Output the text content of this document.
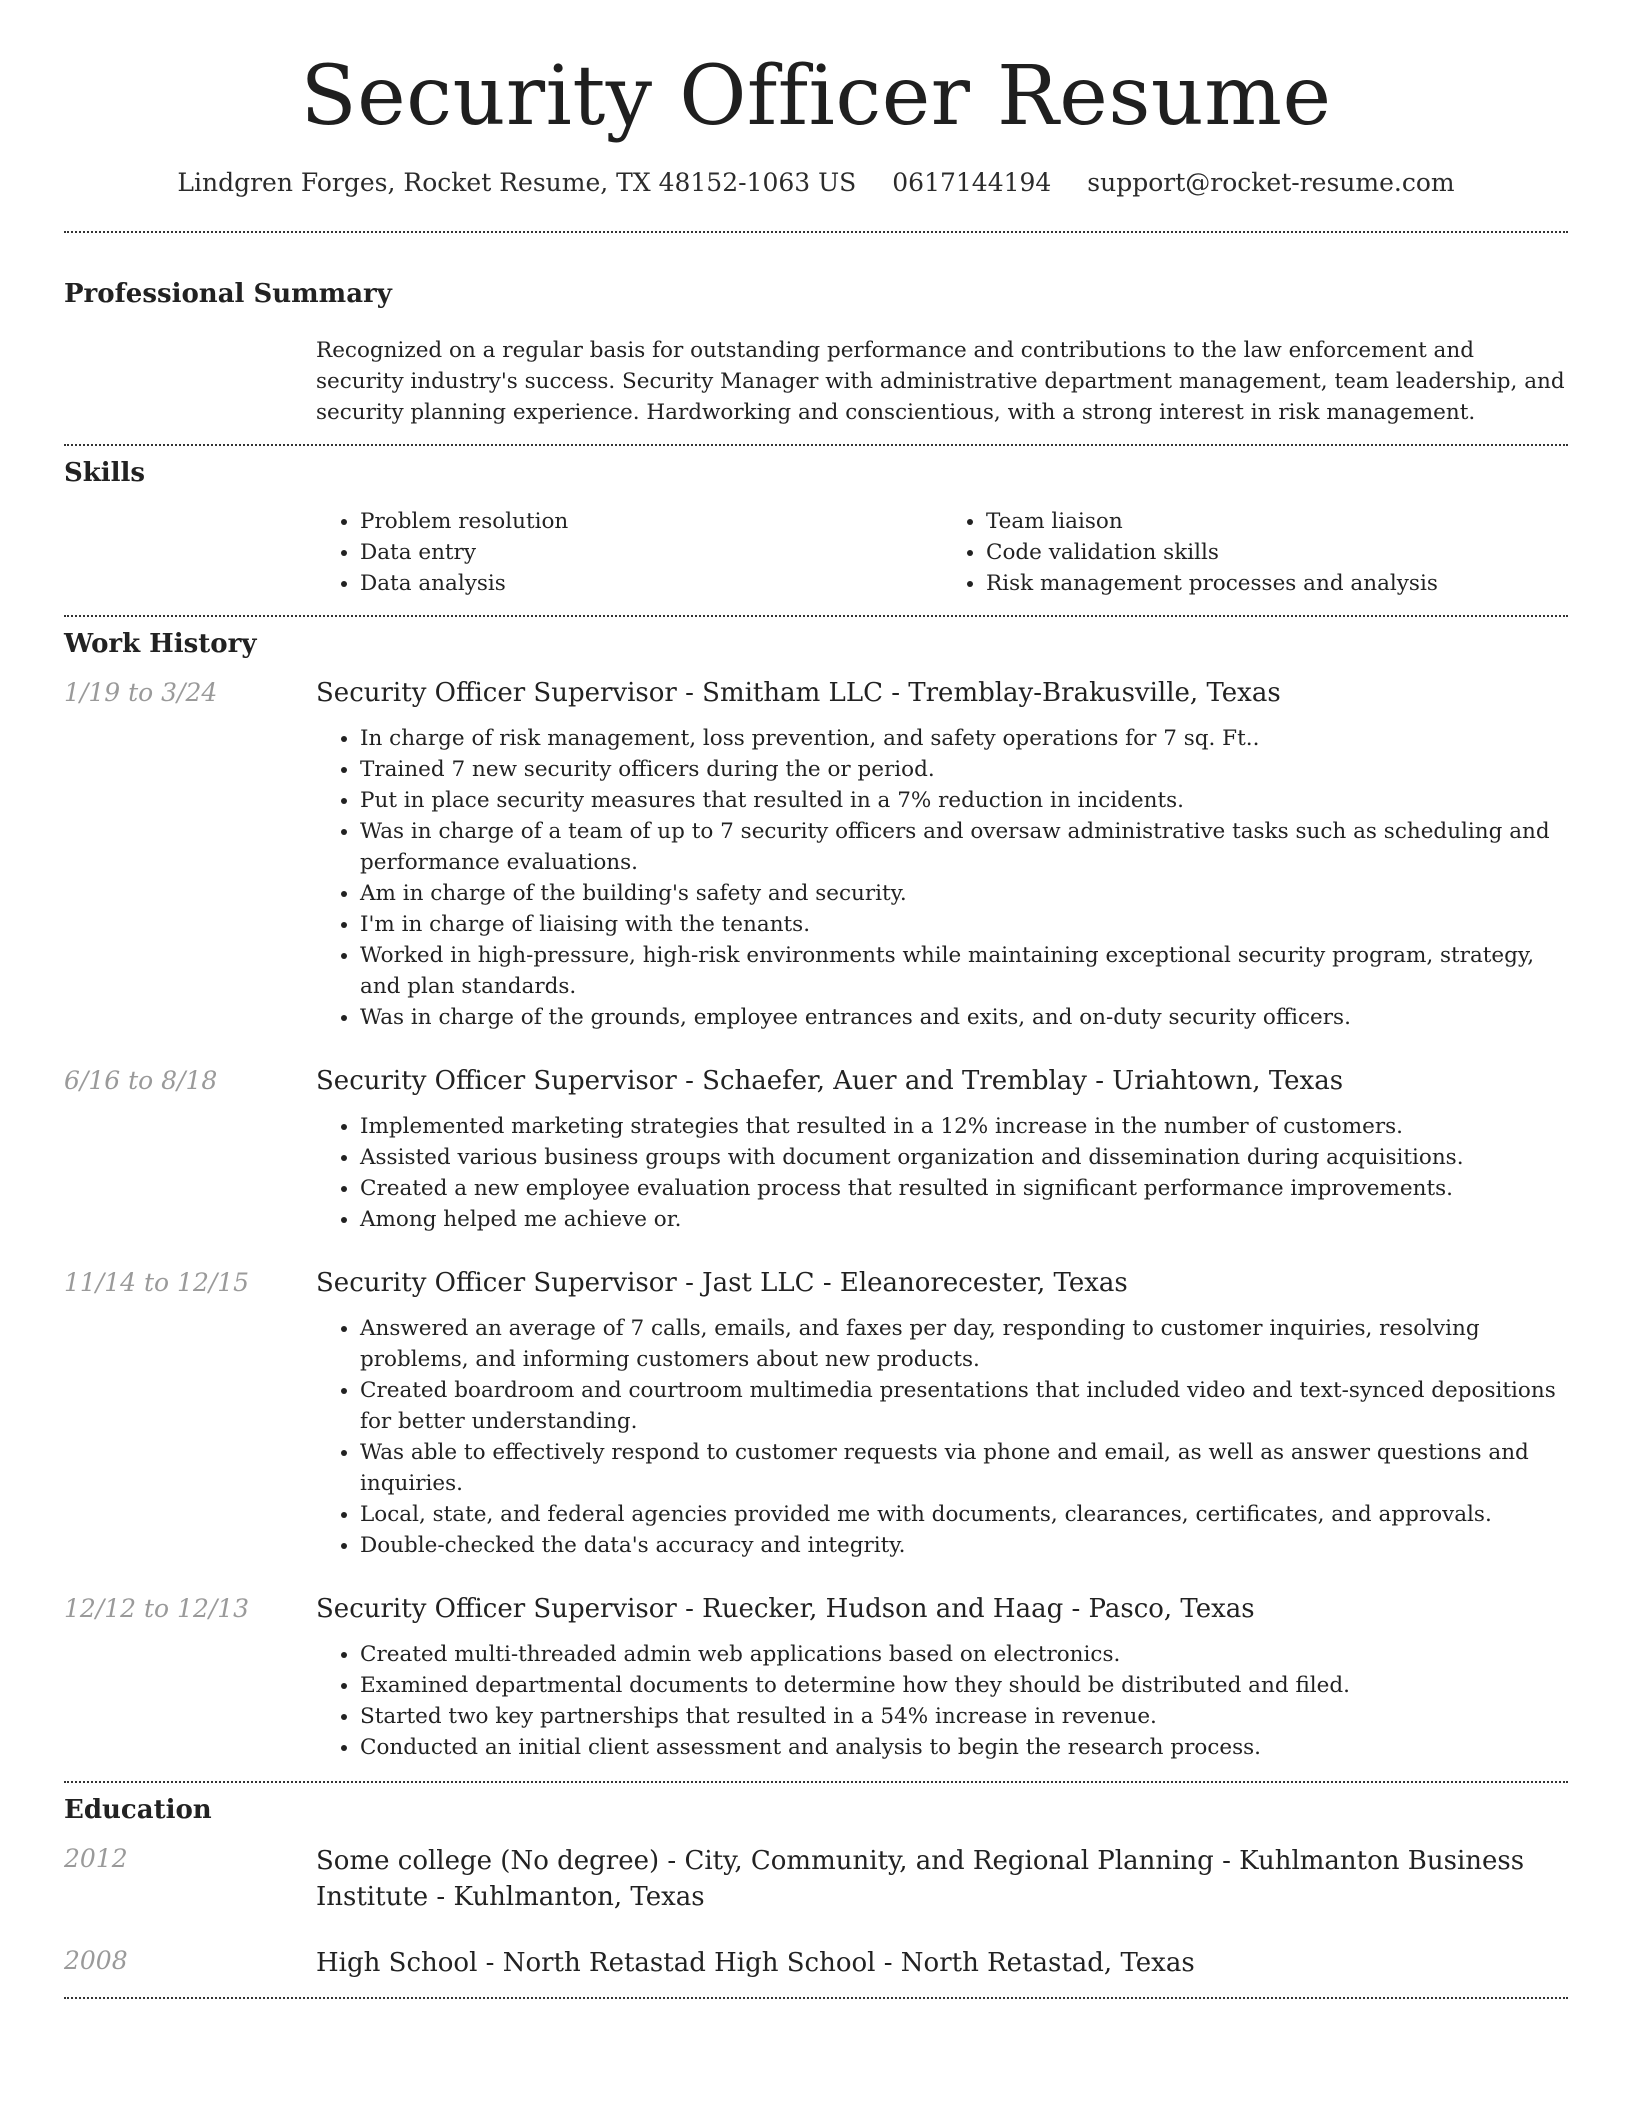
Security Officer Resume
Lindgren Forges, Rocket Resume, TX 48152-1063 US 0617144194 support@rocket-resume.com
Professional Summary

Recognized on a regular basis for outstanding performance and contributions to the law enforcement and security industry's success. Security Manager with administrative department management, team leadership, and security planning experience. Hardworking and conscientious, with a strong interest in risk management.

Skills
• Problem resolution
• Data entry
• Data analysis
• Team liaison
• Code validation skills
• Risk management processes and analysis
Work History
1/19 to 3/24	Security Officer Supervisor - Smitham LLC - Tremblay-Brakusville, Texas
• In charge of risk management, loss prevention, and safety operations for 7 sq. Ft..
• Trained 7 new security officers during the or period.
• Put in place security measures that resulted in a 7% reduction in incidents.
• Was in charge of a team of up to 7 security officers and oversaw administrative tasks such as scheduling and performance evaluations.
• Am in charge of the building's safety and security.
• I'm in charge of liaising with the tenants.
• Worked in high-pressure, high-risk environments while maintaining exceptional security program, strategy, and plan standards.
• Was in charge of the grounds, employee entrances and exits, and on-duty security officers.
6/16 to 8/18	Security Officer Supervisor - Schaefer, Auer and Tremblay - Uriahtown, Texas
• Implemented marketing strategies that resulted in a 12% increase in the number of customers.
• Assisted various business groups with document organization and dissemination during acquisitions.
• Created a new employee evaluation process that resulted in significant performance improvements.
• Among helped me achieve or.
11/14 to 12/15	Security Officer Supervisor - Jast LLC - Eleanorecester, Texas
• Answered an average of 7 calls, emails, and faxes per day, responding to customer inquiries, resolving problems, and informing customers about new products.
• Created boardroom and courtroom multimedia presentations that included video and text-synced depositions for better understanding.
• Was able to effectively respond to customer requests via phone and email, as well as answer questions and inquiries.
• Local, state, and federal agencies provided me with documents, clearances, certificates, and approvals.
• Double-checked the data's accuracy and integrity.
12/12 to 12/13	Security Officer Supervisor - Ruecker, Hudson and Haag - Pasco, Texas
• Created multi-threaded admin web applications based on electronics.
• Examined departmental documents to determine how they should be distributed and filed.
• Started two key partnerships that resulted in a 54% increase in revenue.
• Conducted an initial client assessment and analysis to begin the research process.
Education
2012	Some college (No degree) - City, Community, and Regional Planning - Kuhlmanton Business Institute - Kuhlmanton, Texas
2008	High School - North Retastad High School - North Retastad, Texas
